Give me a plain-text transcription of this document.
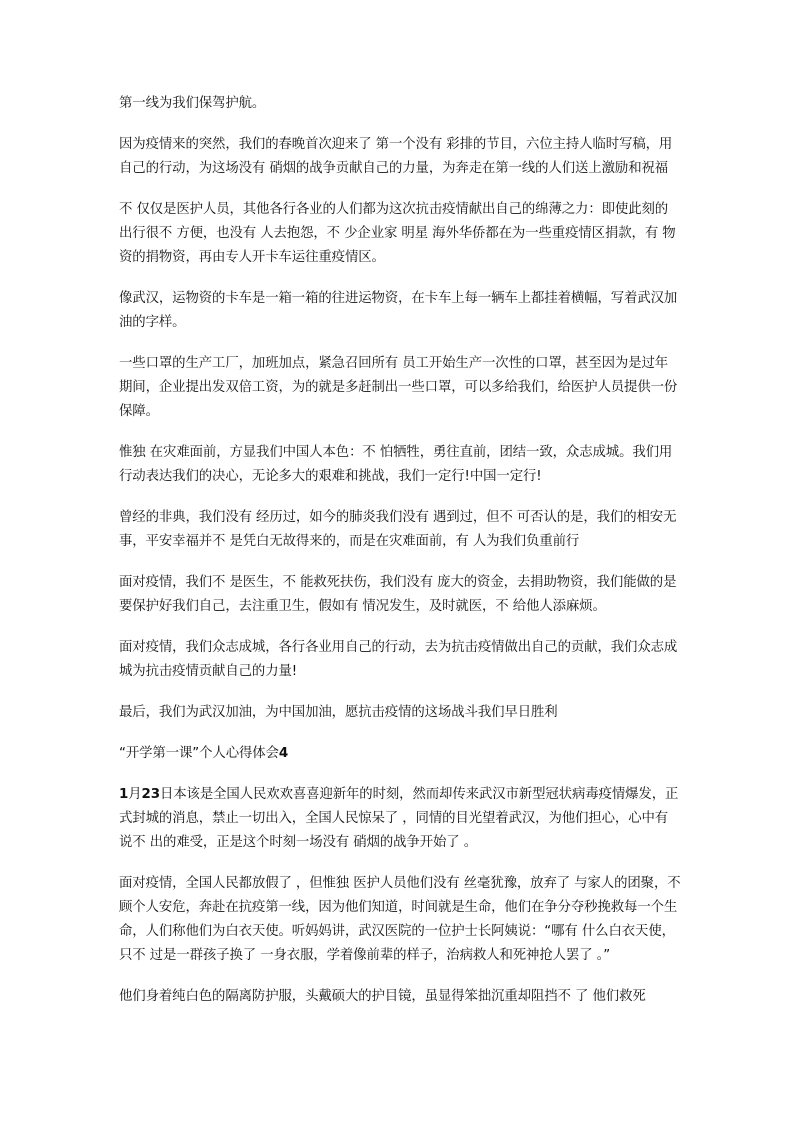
第一线为我们保驾护航。

因为疫情来的突然，我们的春晚首次迎来了 第一个没有 彩排的节目，六位主持人临时写稿，用自己的行动，为这场没有 硝烟的战争贡献自己的力量，为奔走在第一线的人们送上激励和祝福

不 仅仅是医护人员，其他各行各业的人们都为这次抗击疫情献出自己的绵薄之力：即使此刻的出行很不 方便，也没有 人去抱怨，不 少企业家 明星 海外华侨都在为一些重疫情区捐款，有 物资的捐物资，再由专人开卡车运往重疫情区。

像武汉，运物资的卡车是一箱一箱的往进运物资，在卡车上每一辆车上都挂着横幅，写着武汉加油的字样。

一些口罩的生产工厂，加班加点，紧急召回所有 员工开始生产一次性的口罩，甚至因为是过年期间，企业提出发双倍工资，为的就是多赶制出一些口罩，可以多给我们，给医护人员提供一份保障。

惟独 在灾难面前，方显我们中国人本色：不 怕牺牲，勇往直前，团结一致，众志成城。我们用行动表达我们的决心，无论多大的艰难和挑战，我们一定行!中国一定行!

曾经的非典，我们没有 经历过，如今的肺炎我们没有 遇到过，但不 可否认的是，我们的相安无事，平安幸福并不 是凭白无故得来的，而是在灾难面前，有 人为我们负重前行

面对疫情，我们不 是医生，不 能救死扶伤，我们没有 庞大的资金，去捐助物资，我们能做的是要保护好我们自己，去注重卫生，假如有 情况发生，及时就医，不 给他人添麻烦。

面对疫情，我们众志成城，各行各业用自己的行动，去为抗击疫情做出自己的贡献，我们众志成城为抗击疫情贡献自己的力量!

最后，我们为武汉加油，为中国加油，愿抗击疫情的这场战斗我们早日胜利

“开学第一课”个人心得体会4

1月23日本该是全国人民欢欢喜喜迎新年的时刻，然而却传来武汉市新型冠状病毒疫情爆发，正式封城的消息，禁止一切出入，全国人民惊呆了 ，同情的目光望着武汉，为他们担心，心中有 说不 出的难受，正是这个时刻一场没有 硝烟的战争开始了 。

面对疫情，全国人民都放假了 ，但惟独 医护人员他们没有 丝毫犹豫，放弃了 与家人的团聚，不 顾个人安危，奔赴在抗疫第一线，因为他们知道，时间就是生命，他们在争分夺秒挽救每一个生命，人们称他们为白衣天使。听妈妈讲，武汉医院的一位护士长阿姨说：“哪有 什么白衣天使，只不 过是一群孩子换了 一身衣服，学着像前辈的样子，治病救人和死神抢人罢了 。”

他们身着纯白色的隔离防护服，头戴硕大的护目镜，虽显得笨拙沉重却阻挡不 了 他们救死
